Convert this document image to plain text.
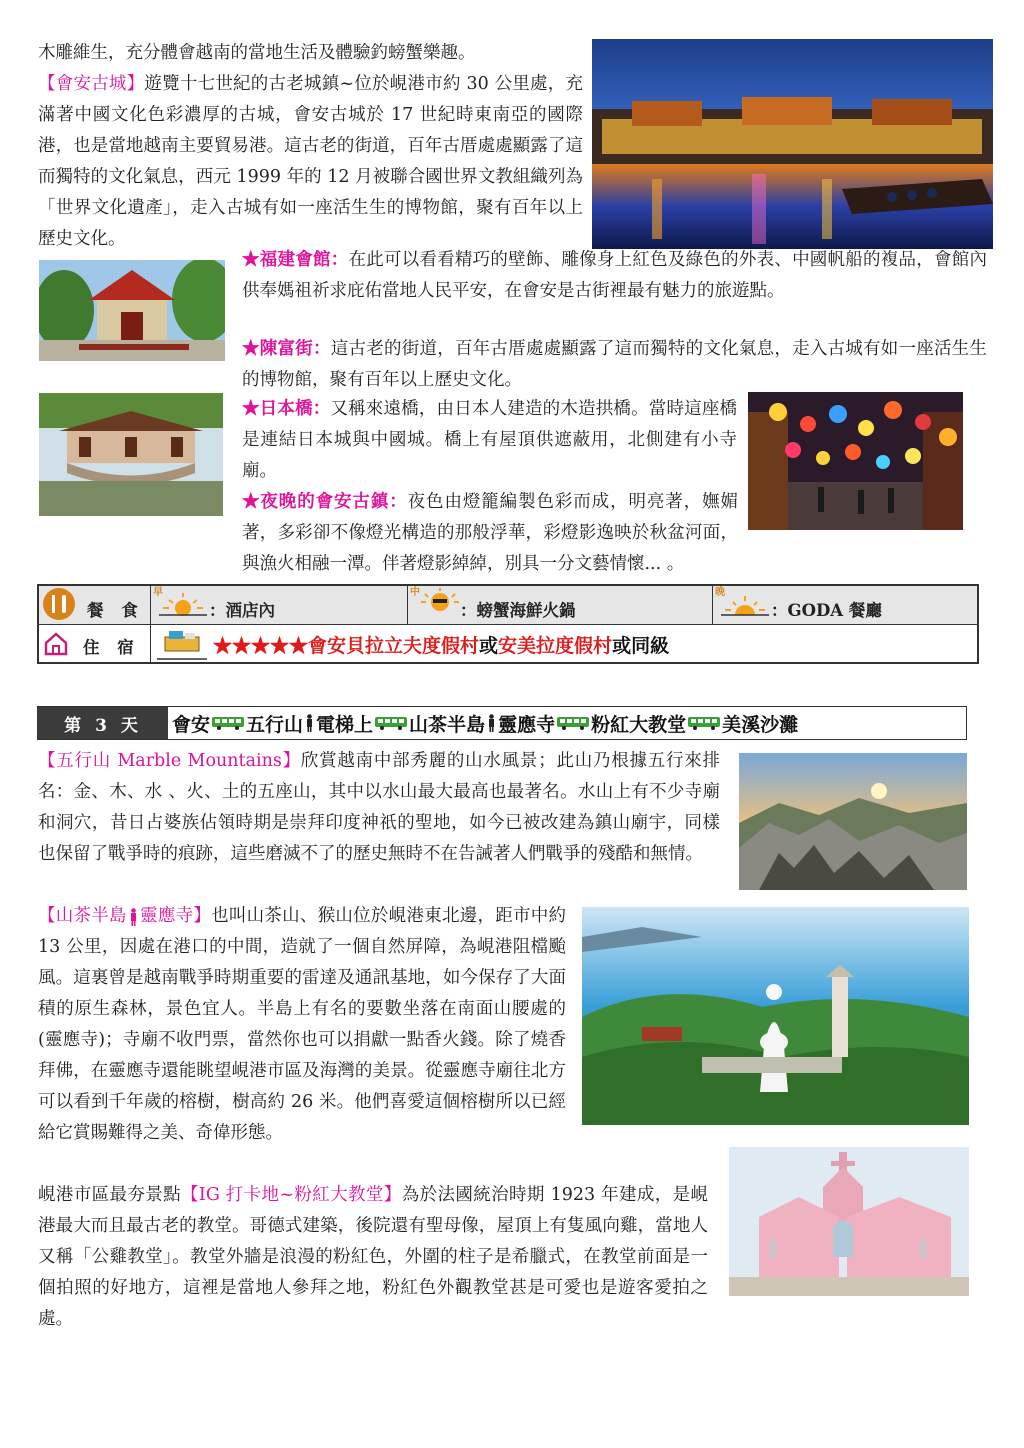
木雕維生，充分體會越南的當地生活及體驗釣螃蟹樂趣。
【會安古城】遊覽十七世紀的古老城鎮~位於峴港市約 30 公里處，充滿著中國文化色彩濃厚的古城，會安古城於 17 世紀時東南亞的國際港，也是當地越南主要貿易港。這古老的街道，百年古厝處處顯露了這而獨特的文化氣息，西元 1999 年的 12 月被聯合國世界文教組織列為「世界文化遺產」，走入古城有如一座活生生的博物館，聚有百年以上歷史文化。
★福建會館：在此可以看看精巧的壁飾、雕像身上紅色及綠色的外表、中國帆船的複品，會館內供奉媽祖祈求庇佑當地人民平安，在會安是古街裡最有魅力的旅遊點。
★陳富街：這古老的街道，百年古厝處處顯露了這而獨特的文化氣息，走入古城有如一座活生生的博物館，聚有百年以上歷史文化。
★日本橋：又稱來遠橋，由日本人建造的木造拱橋。當時這座橋是連結日本城與中國城。橋上有屋頂供遮蔽用，北側建有小寺廟。
★夜晚的會安古鎮：夜色由燈籠編製色彩而成，明亮著，嫵媚著，多彩卻不像燈光構造的那般浮華，彩燈影逸映於秋盆河面，與漁火相融一潭。伴著燈影綽綽，別具一分文藝情懷... 。
餐 食
早
：酒店內
中
：螃蟹海鮮火鍋
晚
：GODA 餐廳
住 宿	★★★★★會安貝拉立夫度假村或安美拉度假村或同級
第 3 天	會安 五行山 電梯上 山茶半島 靈應寺 粉紅大教堂 美溪沙灘
【五行山 Marble Mountains】欣賞越南中部秀麗的山水風景；此山乃根據五行來排名：金、木、水 、火、土的五座山，其中以水山最大最高也最著名。水山上有不少寺廟和洞穴，昔日占婆族佔領時期是崇拜印度神祇的聖地，如今已被改建為鎮山廟宇，同樣也保留了戰爭時的痕跡，這些磨滅不了的歷史無時不在告誡著人們戰爭的殘酷和無情。
【山茶半島 靈應寺】也叫山茶山、猴山位於峴港東北邊，距市中約 13 公里，因處在港口的中間，造就了一個自然屏障，為峴港阻檔颱風。這裏曾是越南戰爭時期重要的雷達及通訊基地，如今保存了大面積的原生森林，景色宜人。半島上有名的要數坐落在南面山腰處的(靈應寺)；寺廟不收門票，當然你也可以捐獻一點香火錢。除了燒香拜佛，在靈應寺還能眺望峴港市區及海灣的美景。從靈應寺廟往北方可以看到千年歲的榕樹，樹高約 26 米。他們喜愛這個榕樹所以已經給它賞賜難得之美、奇偉形態。
峴港市區最夯景點【IG 打卡地~粉紅大教堂】為於法國統治時期 1923 年建成，是峴港最大而且最古老的教堂。哥德式建築，後院還有聖母像，屋頂上有隻風向雞，當地人又稱「公雞教堂」。教堂外牆是浪漫的粉紅色，外圍的柱子是希臘式，在教堂前面是一個拍照的好地方，這裡是當地人參拜之地，粉紅色外觀教堂甚是可愛也是遊客愛拍之處。
